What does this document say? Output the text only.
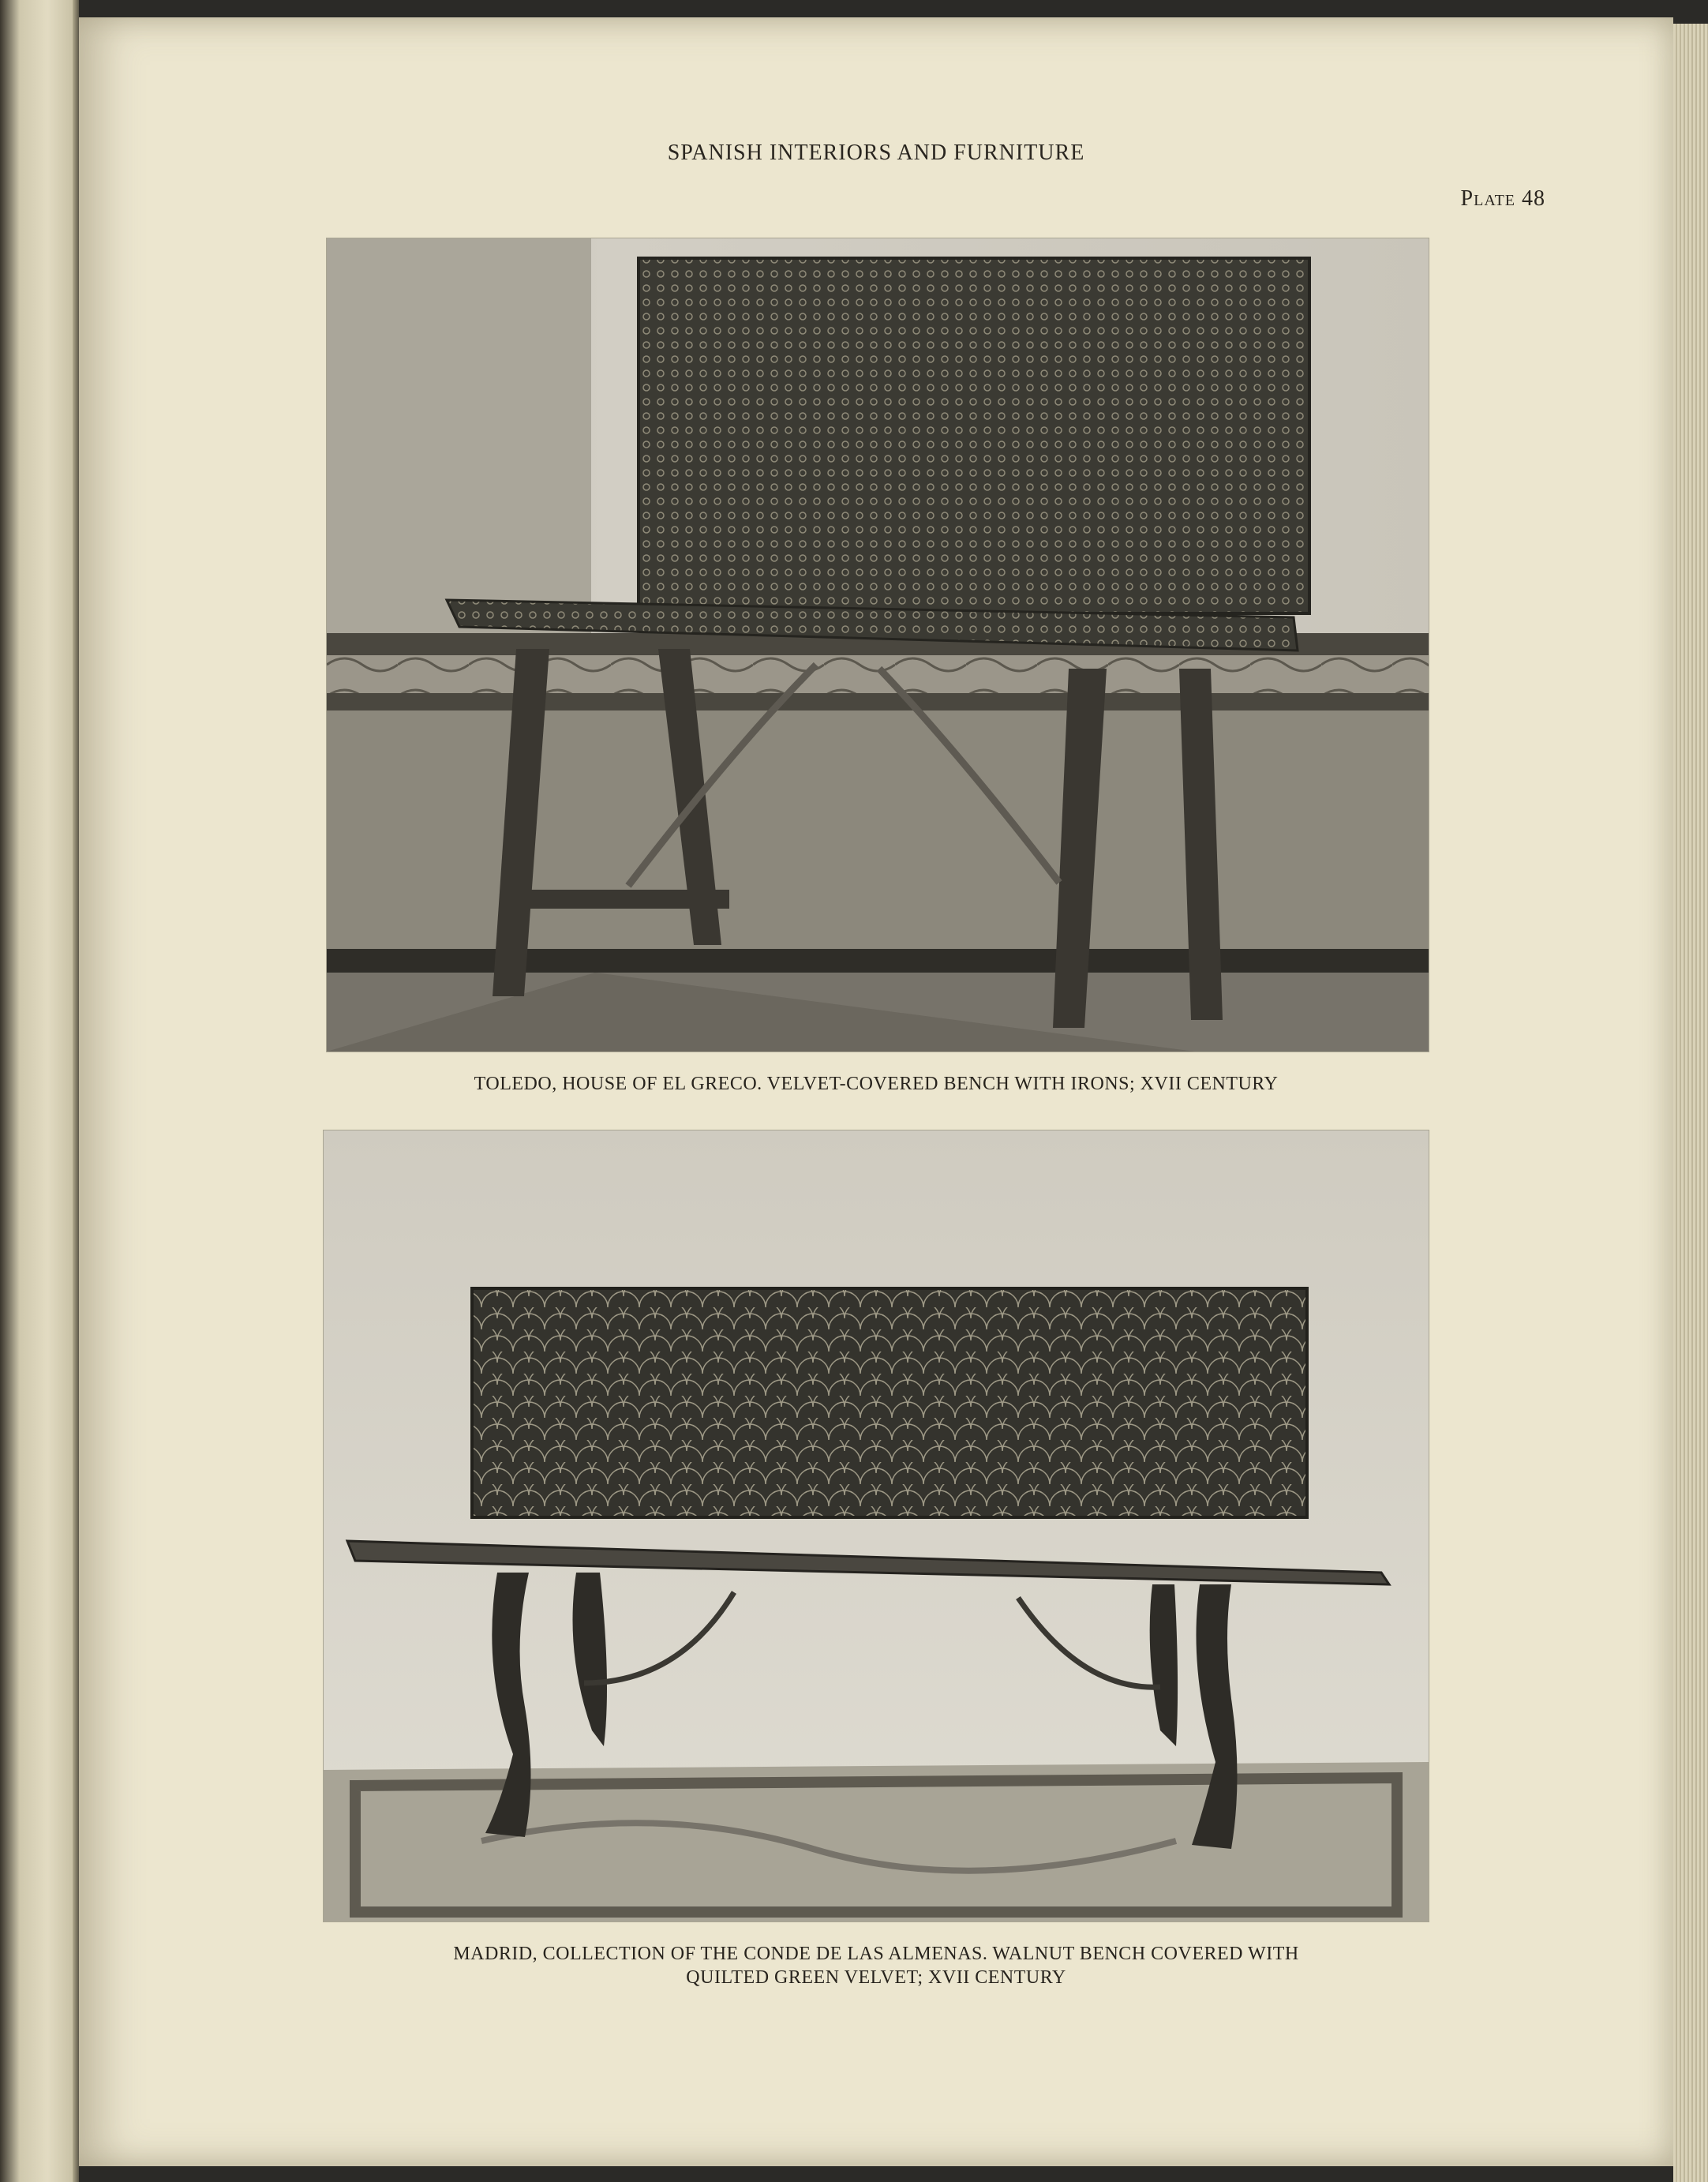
SPANISH INTERIORS AND FURNITURE
Plate 48
TOLEDO, HOUSE OF EL GRECO. VELVET-COVERED BENCH WITH IRONS; XVII CENTURY
MADRID, COLLECTION OF THE CONDE DE LAS ALMENAS. WALNUT BENCH COVERED WITH
QUILTED GREEN VELVET; XVII CENTURY
